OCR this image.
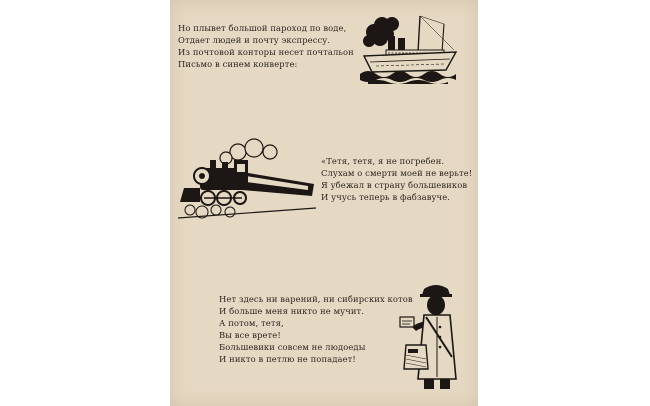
Но плывет большой пароход по воде,
Отдает людей и почту экспрессу.
Из почтовой конторы несет почтальон
Письмо в синем конверте:
«Тетя, тетя, я не погребен.
Слухам о смерти моей не верьте!
Я убежал в страну большевиков
И учусь теперь в фабзавуче.
Нет здесь ни варений, ни сибирских котов
И больше меня никто не мучит.
А потом, тетя,
Вы все врете!
Большевики совсем не людоеды
И никто в петлю не попадает!
